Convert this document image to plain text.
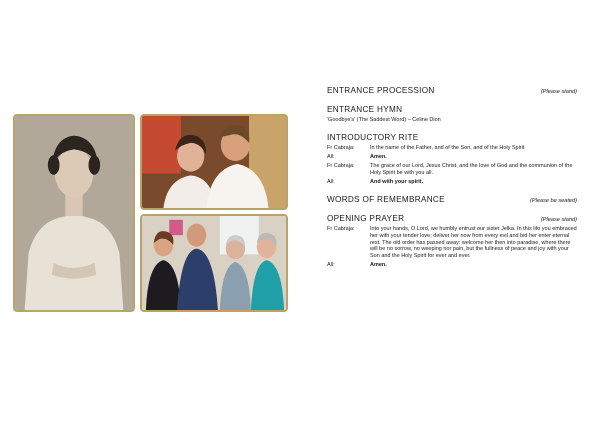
ENTRANCE PROCESSION	(Please stand)
ENTRANCE HYMN
'Goodbye's' (The Saddest Word) – Celine Dion
INTRODUCTORY RITE
Fr Cabraja:	In the name of the Father, and of the Son, and of the Holy Spirit
All:	Amen.
Fr Cabraja:	The grace of our Lord, Jesus Christ, and the love of God and the communion of the Holy Spirit be with you all.
All:	And with your spirit.
WORDS OF REMEMBRANCE	(Please be seated)
OPENING PRAYER	(Please stand)
Fr Cabraja:	Into your hands, O Lord, we humbly entrust our sister Jelka. In this life you embraced her with your tender love; deliver her now from every evil and bid her enter eternal rest. The old order has passed away: welcome her then into paradise, where there will be no sorrow, no weeping nor pain, but the fullness of peace and joy with your Son and the Holy Spirit for ever and ever.
All:	Amen.
